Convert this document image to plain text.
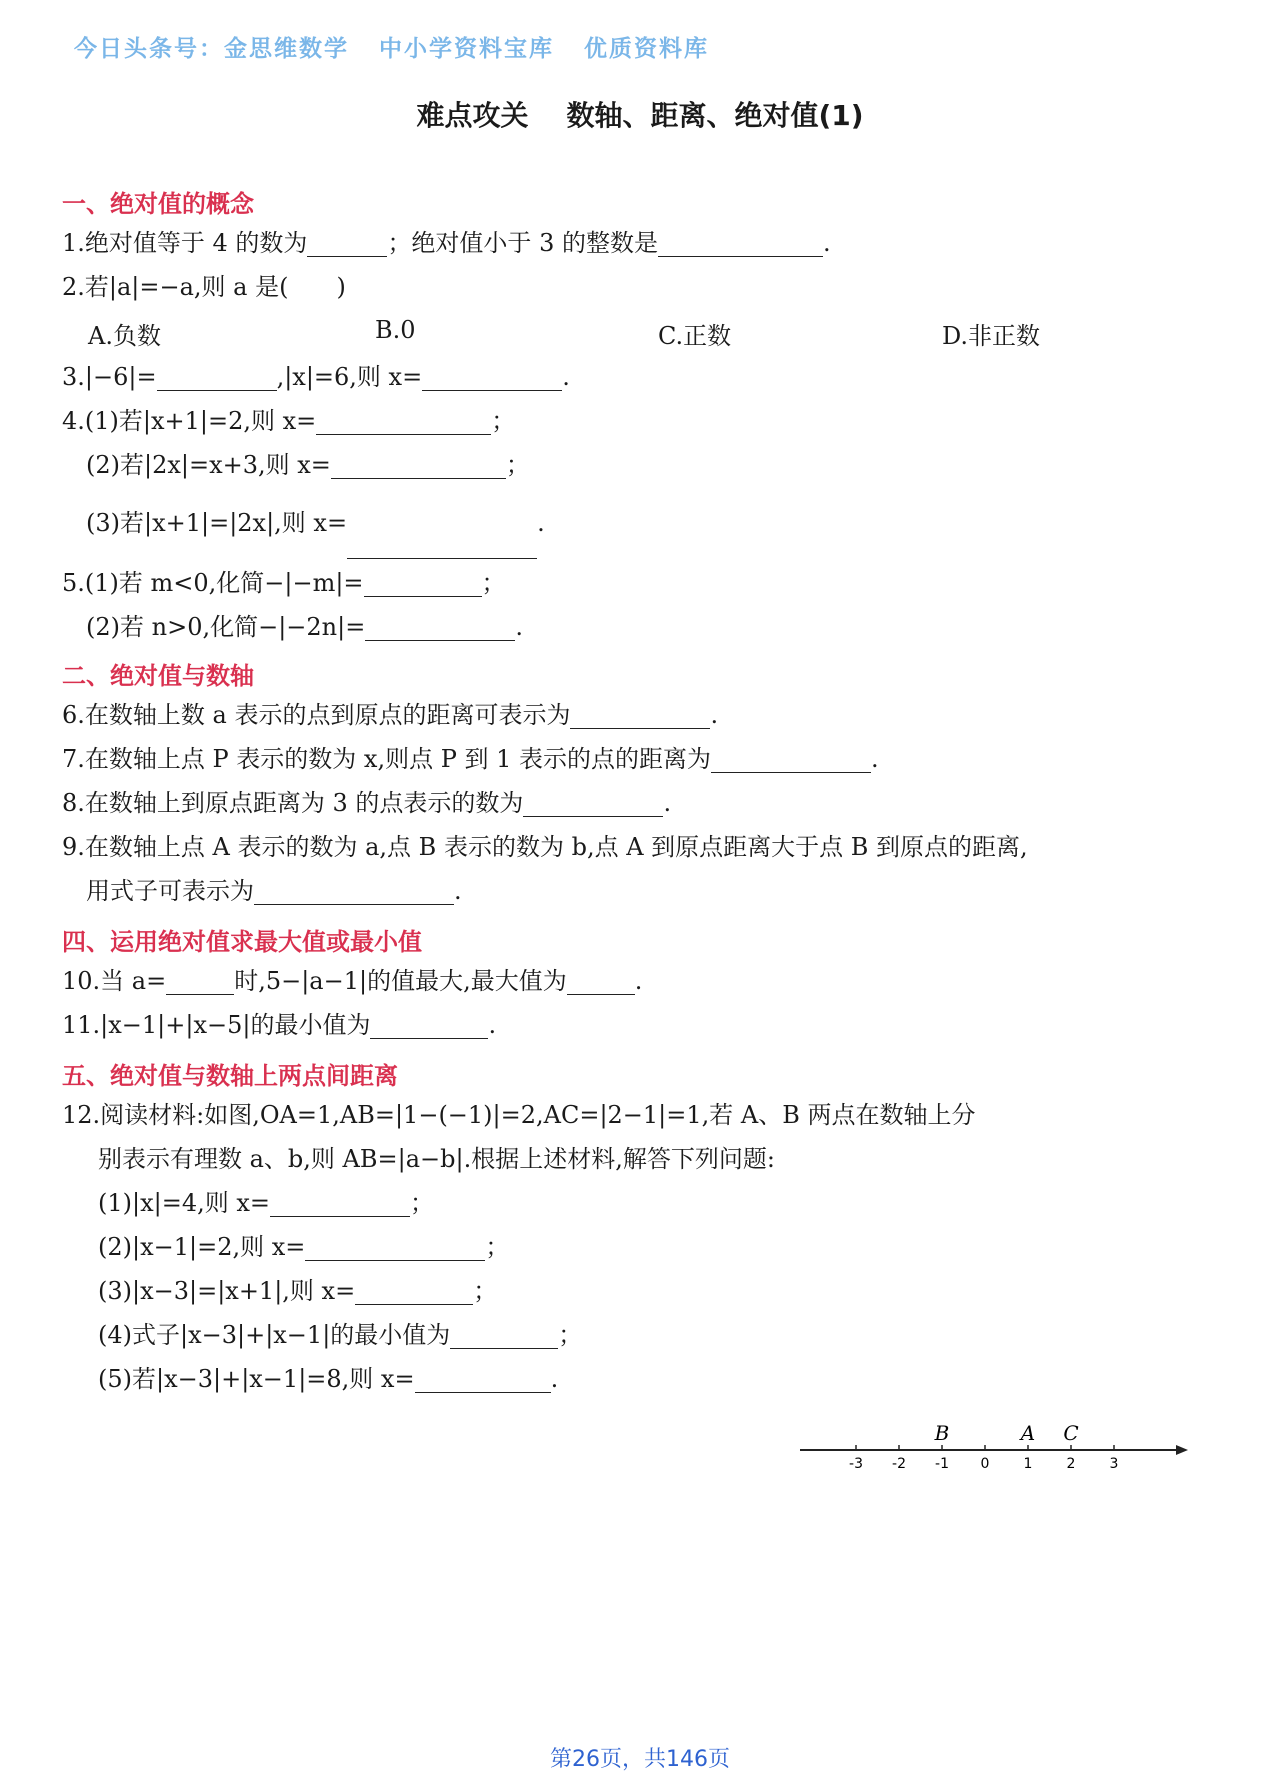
今日头条号：金思维数学 中小学资料宝库 优质资料库
难点攻关 数轴、距离、绝对值(1)
一、绝对值的概念
1.绝对值等于 4 的数为	；绝对值小于 3 的整数是	.
2.若|a|=−a,则 a 是(　　)
A.负数	B.0	C.正数	D.非正数
3.|−6|=	,|x|=6,则 x=	.
4.(1)若|x+1|=2,则 x=	；
(2)若|2x|=x+3,则 x=	；
(3)若|x+1|=|2x|,则 x=	.
5.(1)若 m<0,化简−|−m|=	；
(2)若 n>0,化简−|−2n|=	.
二、绝对值与数轴
6.在数轴上数 a 表示的点到原点的距离可表示为	.
7.在数轴上点 P 表示的数为 x,则点 P 到 1 表示的点的距离为	.
8.在数轴上到原点距离为 3 的点表示的数为	.
9.在数轴上点 A 表示的数为 a,点 B 表示的数为 b,点 A 到原点距离大于点 B 到原点的距离,
用式子可表示为	.
四、运用绝对值求最大值或最小值
10.当 a=	时,5−|a−1|的值最大,最大值为	.
11.|x−1|+|x−5|的最小值为	.
五、绝对值与数轴上两点间距离
12.阅读材料:如图,OA=1,AB=|1−(−1)|=2,AC=|2−1|=1,若 A、B 两点在数轴上分
别表示有理数 a、b,则 AB=|a−b|.根据上述材料,解答下列问题:
(1)|x|=4,则 x=	；
(2)|x−1|=2,则 x=	；
(3)|x−3|=|x+1|,则 x=	；
(4)式子|x−3|+|x−1|的最小值为	；
(5)若|x−3|+|x−1|=8,则 x=	.
-3 -2 -1 0 1 2 3
B	A C
第26页，共146页
